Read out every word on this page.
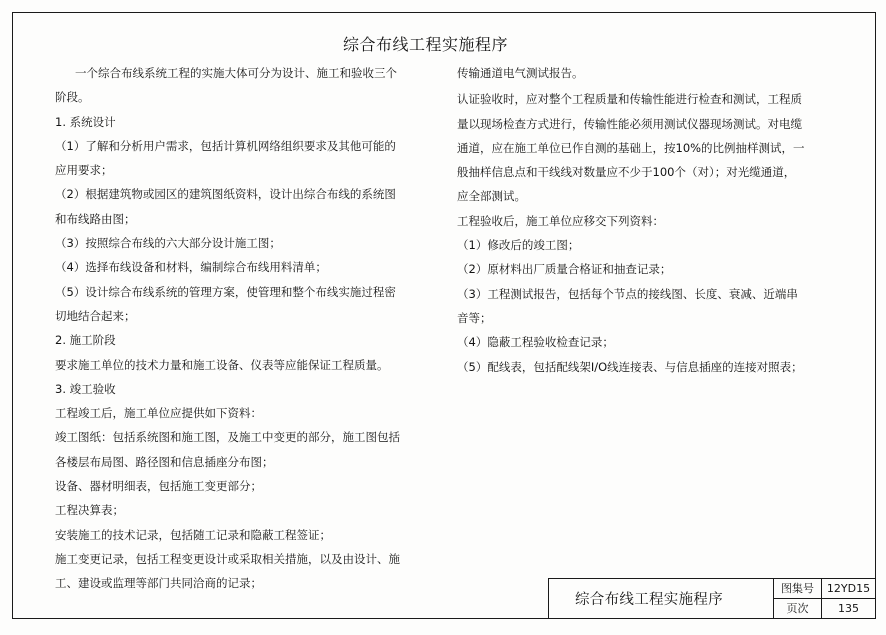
综合布线工程实施程序
一个综合布线系统工程的实施大体可分为设计、施工和验收三个
阶段。
1. 系统设计
（1）了解和分析用户需求，包括计算机网络组织要求及其他可能的
应用要求；
（2）根据建筑物或园区的建筑图纸资料，设计出综合布线的系统图
和布线路由图；
（3）按照综合布线的六大部分设计施工图；
（4）选择布线设备和材料，编制综合布线用料清单；
（5）设计综合布线系统的管理方案，使管理和整个布线实施过程密
切地结合起来；
2. 施工阶段
要求施工单位的技术力量和施工设备、仪表等应能保证工程质量。
3. 竣工验收
工程竣工后，施工单位应提供如下资料：
竣工图纸：包括系统图和施工图，及施工中变更的部分，施工图包括
各楼层布局图、路径图和信息插座分布图；
设备、器材明细表，包括施工变更部分；
工程决算表；
安装施工的技术记录，包括随工记录和隐蔽工程签证；
施工变更记录，包括工程变更设计或采取相关措施，以及由设计、施
工、建设或监理等部门共同洽商的记录；
传输通道电气测试报告。
认证验收时，应对整个工程质量和传输性能进行检查和测试，工程质
量以现场检查方式进行，传输性能必须用测试仪器现场测试。对电缆
通道，应在施工单位已作自测的基础上，按10%的比例抽样测试，一
般抽样信息点和干线线对数量应不少于100个（对）；对光缆通道，
应全部测试。
工程验收后，施工单位应移交下列资料：
（1）修改后的竣工图；
（2）原材料出厂质量合格证和抽查记录；
（3）工程测试报告，包括每个节点的接线图、长度、衰减、近端串
音等；
（4）隐蔽工程验收检查记录；
（5）配线表，包括配线架I/O线连接表、与信息插座的连接对照表；
综合布线工程实施程序
图集号	12YD15
页次	135
